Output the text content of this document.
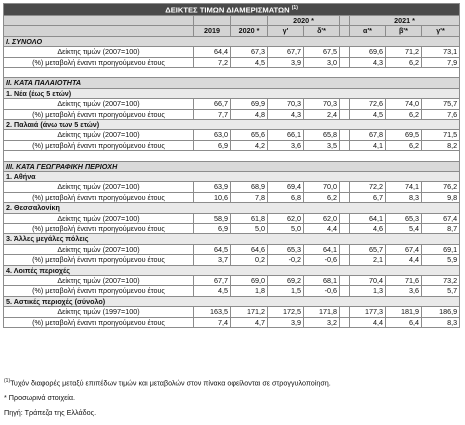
ΔΕΙΚΤΕΣ ΤΙΜΩΝ ΔΙΑΜΕΡΙΣΜΑΤΩΝ $^{(1)}$
			2020 *			2021 *		
	2019	2020 *	γ'	δ'*		α'*	β'*	γ'*
I. ΣΥΝΟΛΟ								
Δείκτης τιμών (2007=100)	64,4	67,3	67,7	67,5		69,6	71,2	73,1
(%) μεταβολή έναντι προηγούμενου έτους	7,2	4,5	3,9	3,0		4,3	6,2	7,9

II. ΚΑΤΑ ΠΑΛΑΙΟΤΗΤΑ								
1. Νέα (έως 5 ετών)								
Δείκτης τιμών (2007=100)	66,7	69,9	70,3	70,3		72,6	74,0	75,7
(%) μεταβολή έναντι προηγούμενου έτους	7,7	4,8	4,3	2,4		4,5	6,2	7,6
2. Παλαιά (άνω των 5 ετών)								
Δείκτης τιμών (2007=100)	63,0	65,6	66,1	65,8		67,8	69,5	71,5
(%) μεταβολή έναντι προηγούμενου έτους	6,9	4,2	3,6	3,5		4,1	6,2	8,2

III. ΚΑΤΑ ΓΕΩΓΡΑΦΙΚΗ ΠΕΡΙΟΧΗ								
1. Αθήνα								
Δείκτης τιμών (2007=100)	63,9	68,9	69,4	70,0		72,2	74,1	76,2
(%) μεταβολή έναντι προηγούμενου έτους	10,6	7,8	6,8	6,2		6,7	8,3	9,8
2. Θεσσαλονίκη								
Δείκτης τιμών (2007=100)	58,9	61,8	62,0	62,0		64,1	65,3	67,4
(%) μεταβολή έναντι προηγούμενου έτους	6,9	5,0	5,0	4,4		4,6	5,4	8,7
3. Άλλες μεγάλες πόλεις								
Δείκτης τιμών (2007=100)	64,5	64,6	65,3	64,1		65,7	67,4	69,1
(%) μεταβολή έναντι προηγούμενου έτους	3,7	0,2	-0,2	-0,6		2,1	4,4	5,9
4. Λοιπές περιοχές								
Δείκτης τιμών (2007=100)	67,7	69,0	69,2	68,1		70,4	71,6	73,2
(%) μεταβολή έναντι προηγούμενου έτους	4,5	1,8	1,5	-0,6		1,3	3,6	5,7
5. Αστικές περιοχές (σύνολο)								
Δείκτης τιμών (1997=100)	163,5	171,2	172,5	171,8		177,3	181,9	186,9
(%) μεταβολή έναντι προηγούμενου έτους	7,4	4,7	3,9	3,2		4,4	6,4	8,3
$^{(1)}$Τυχόν διαφορές μεταξύ επιπέδων τιμών και μεταβολών στον πίνακα οφείλονται σε στρογγυλοποίηση.
* Προσωρινά στοιχεία.
Πηγή: Τράπεζα της Ελλάδος.
